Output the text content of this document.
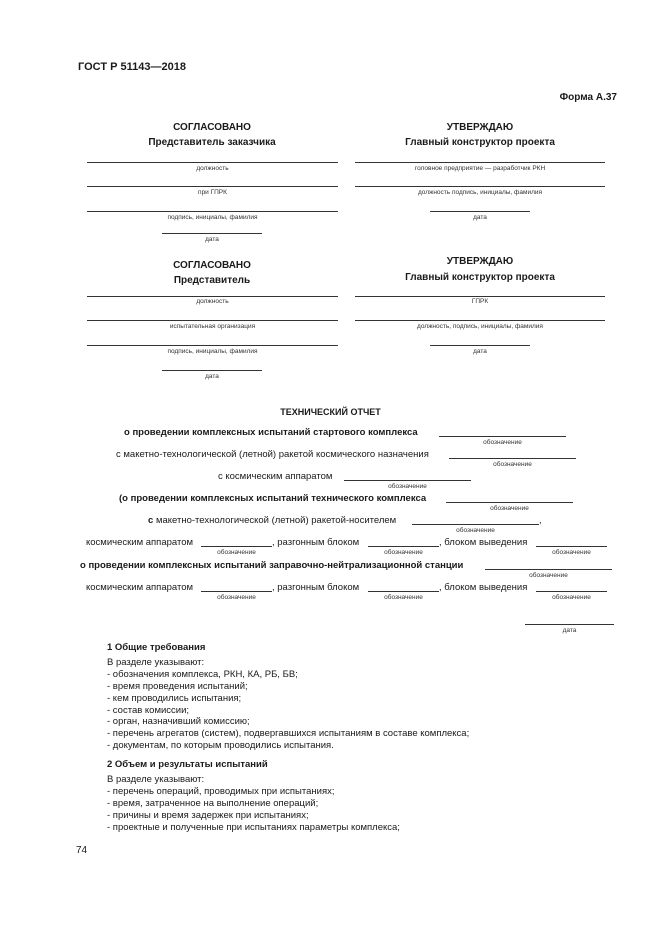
ГОСТ Р 51143—2018
Форма А.37
СОГЛАСОВАНО
Представитель заказчика
должность
при ГПРК
подпись, инициалы, фамилия
дата
УТВЕРЖДАЮ
Главный конструктор проекта
головное предприятие — разработчик РКН
должность подпись, инициалы, фамилия
дата
СОГЛАСОВАНО
Представитель
должность
испытательная организация
подпись, инициалы, фамилия
дата
УТВЕРЖДАЮ
Главный конструктор проекта
ГПРК
должность, подпись, инициалы, фамилия
дата
ТЕХНИЧЕСКИЙ ОТЧЕТ
о проведении комплексных испытаний стартового комплекса
обозначение
с макетно-технологической (летной) ракетой космического назначения
обозначение
с космическим аппаратом
обозначение
(о проведении комплексных испытаний технического комплекса
обозначение
с макетно-технологической (летной) ракетой-носителем	,
обозначение
космическим аппаратом
обозначение
, разгонным блоком
обозначение
, блоком выведения
обозначение
о проведении комплексных испытаний заправочно-нейтрализационной станции
обозначение
космическим аппаратом
обозначение
, разгонным блоком
обозначение
, блоком выведения
обозначение
дата
1 Общие требования
В разделе указывают:
- обозначения комплекса, РКН, КА, РБ, БВ;
- время проведения испытаний;
- кем проводились испытания;
- состав комиссии;
- орган, назначивший комиссию;
- перечень агрегатов (систем), подвергавшихся испытаниям в составе комплекса;
- документам, по которым проводились испытания.
2 Объем и результаты испытаний
В разделе указывают:
- перечень операций, проводимых при испытаниях;
- время, затраченное на выполнение операций;
- причины и время задержек при испытаниях;
- проектные и полученные при испытаниях параметры комплекса;
74
